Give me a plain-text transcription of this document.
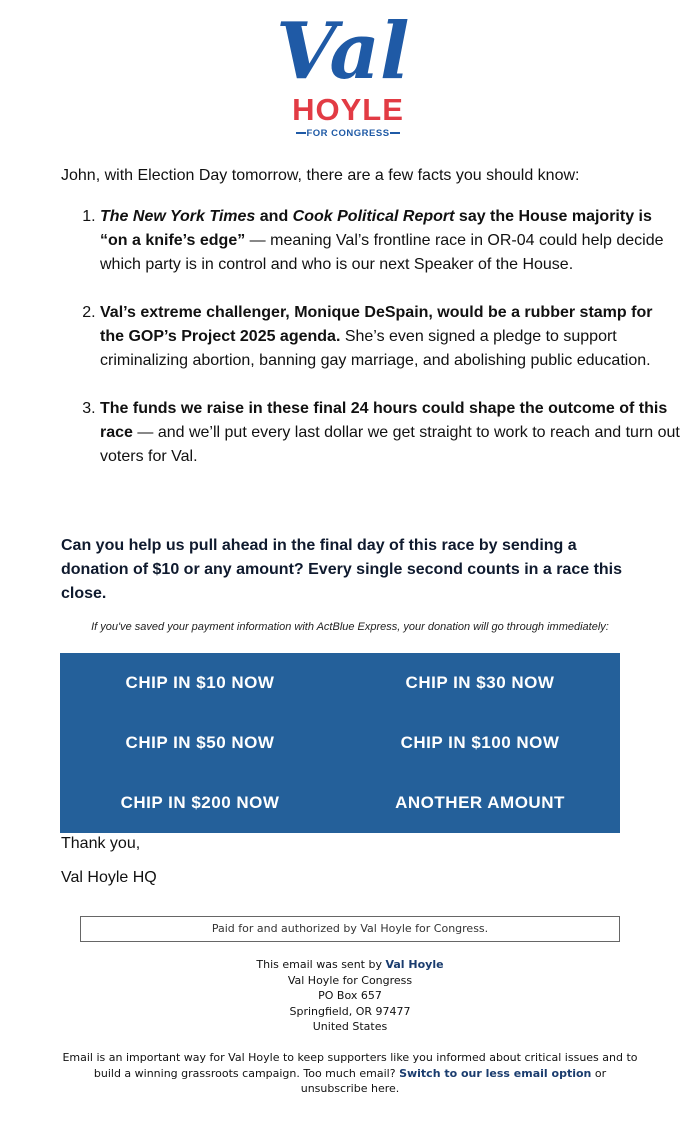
Val
HOYLE
FOR CONGRESS
John, with Election Day tomorrow, there are a few facts you should know:
1. The New York Times and Cook Political Report say the House majority is “on a knife’s edge” — meaning Val’s frontline race in OR-04 could help decide which party is in control and who is our next Speaker of the House.
2. Val’s extreme challenger, Monique DeSpain, would be a rubber stamp for the GOP’s Project 2025 agenda. She’s even signed a pledge to support criminalizing abortion, banning gay marriage, and abolishing public education.
3. The funds we raise in these final 24 hours could shape the outcome of this race — and we’ll put every last dollar we get straight to work to reach and turn out voters for Val.
Can you help us pull ahead in the final day of this race by sending a donation of $10 or any amount? Every single second counts in a race this close.
If you've saved your payment information with ActBlue Express, your donation will go through immediately:
CHIP IN $10 NOW	CHIP IN $30 NOW
CHIP IN $50 NOW	CHIP IN $100 NOW
CHIP IN $200 NOW	ANOTHER AMOUNT
Thank you,
Val Hoyle HQ
Paid for and authorized by Val Hoyle for Congress.
This email was sent by Val Hoyle
Val Hoyle for Congress
PO Box 657
Springfield, OR 97477
United States
Email is an important way for Val Hoyle to keep supporters like you informed about critical issues and to build a winning grassroots campaign. Too much email? Switch to our less email option or
unsubscribe here.
